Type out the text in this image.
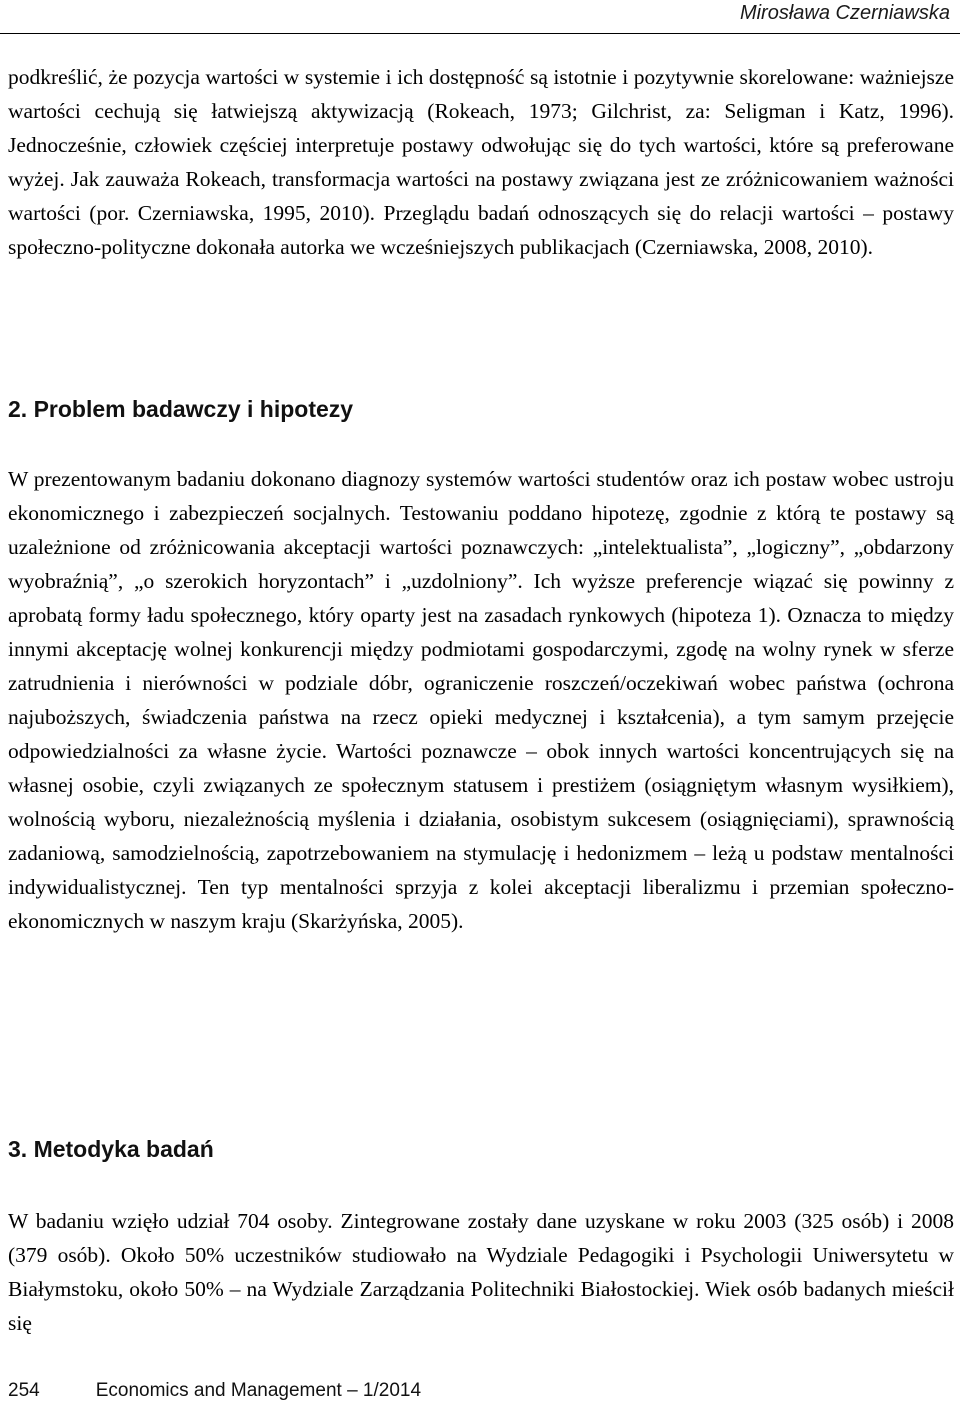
Mirosława Czerniawska

podkreślić, że pozycja wartości w systemie i ich dostępność są istotnie i pozytywnie skorelowane: ważniejsze wartości cechują się łatwiejszą aktywizacją (Rokeach, 1973; Gilchrist, za: Seligman i Katz, 1996). Jednocześnie, człowiek częściej interpretuje postawy odwołując się do tych wartości, które są preferowane wyżej. Jak zauważa Rokeach, transformacja wartości na postawy związana jest ze zróżnicowaniem ważności wartości (por. Czerniawska, 1995, 2010). Przeglądu badań odnoszących się do relacji wartości – postawy społeczno-polityczne dokonała autorka we wcześniejszych publikacjach (Czerniawska, 2008, 2010).

2. Problem badawczy i hipotezy

W prezentowanym badaniu dokonano diagnozy systemów wartości studentów oraz ich postaw wobec ustroju ekonomicznego i zabezpieczeń socjalnych. Testowaniu poddano hipotezę, zgodnie z którą te postawy są uzależnione od zróżnicowania akceptacji wartości poznawczych: „intelektualista”, „logiczny”, „obdarzony wyobraźnią”, „o szerokich horyzontach” i „uzdolniony”. Ich wyższe preferencje wiązać się powinny z aprobatą formy ładu społecznego, który oparty jest na zasadach rynkowych (hipoteza 1). Oznacza to między innymi akceptację wolnej konkurencji między podmiotami gospodarczymi, zgodę na wolny rynek w sferze zatrudnienia i nierówności w podziale dóbr, ograniczenie roszczeń/oczekiwań wobec państwa (ochrona najuboższych, świadczenia państwa na rzecz opieki medycznej i kształcenia), a tym samym przejęcie odpowiedzialności za własne życie. Wartości poznawcze – obok innych wartości koncentrujących się na własnej osobie, czyli związanych ze społecznym statusem i prestiżem (osiągniętym własnym wysiłkiem), wolnością wyboru, niezależnością myślenia i działania, osobistym sukcesem (osiągnięciami), sprawnością zadaniową, samodzielnością, zapotrzebowaniem na stymulację i hedonizmem – leżą u podstaw mentalności indywidualistycznej. Ten typ mentalności sprzyja z kolei akceptacji liberalizmu i przemian społeczno-ekonomicznych w naszym kraju (Skarżyńska, 2005).

3. Metodyka badań

W badaniu wzięło udział 704 osoby. Zintegrowane zostały dane uzyskane w roku 2003 (325 osób) i 2008 (379 osób). Około 50% uczestników studiowało na Wydziale Pedagogiki i Psychologii Uniwersytetu w Białymstoku, około 50% – na Wydziale Zarządzania Politechniki Białostockiej. Wiek osób badanych mieścił się

254	Economics and Management – 1/2014
